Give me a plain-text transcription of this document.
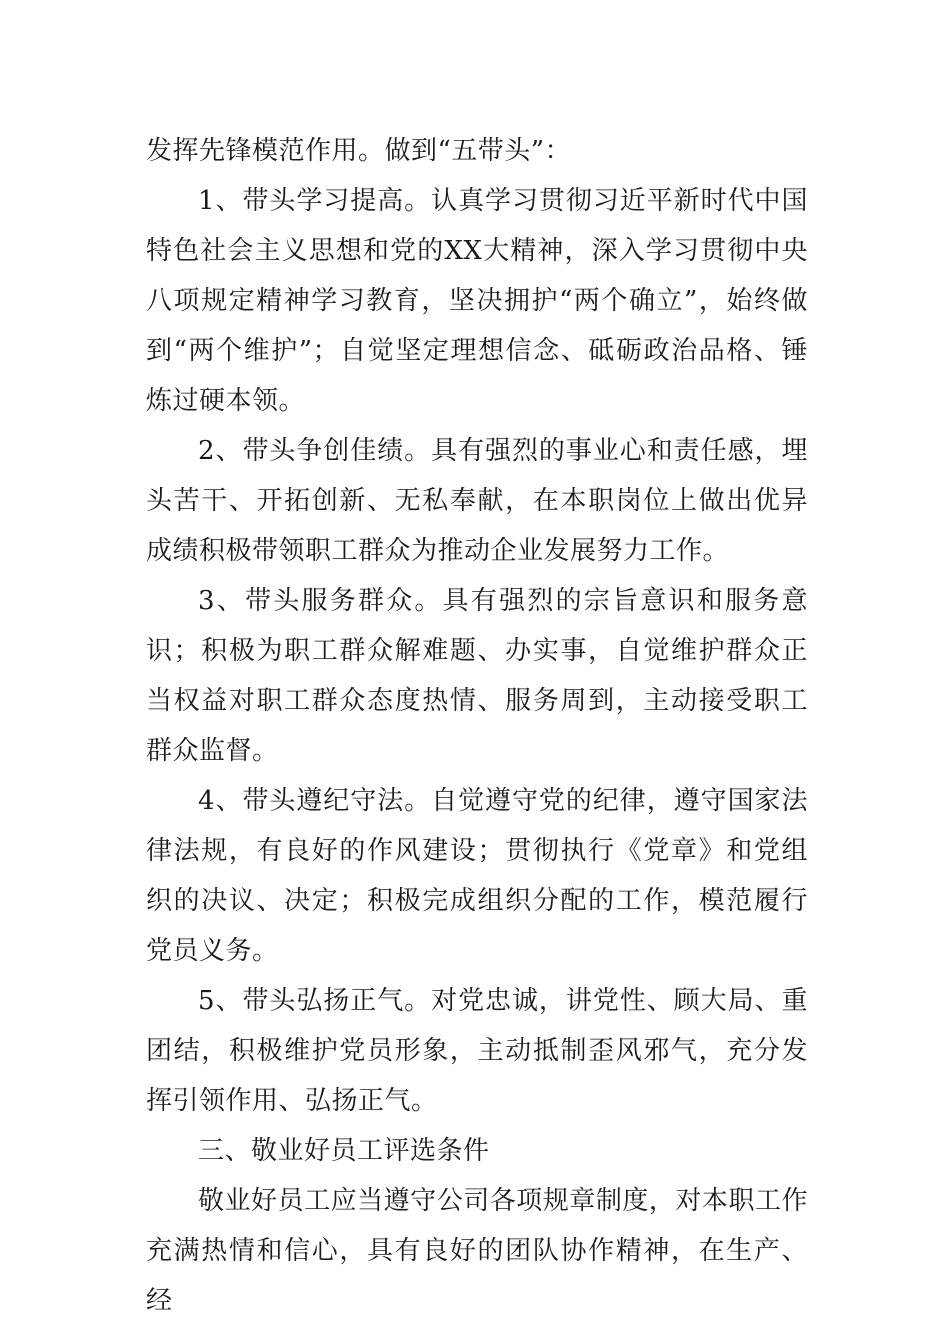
发挥先锋模范作用。做到“五带头”：

1、带头学习提高。认真学习贯彻习近平新时代中国特色社会主义思想和党的XX大精神，深入学习贯彻中央八项规定精神学习教育，坚决拥护“两个确立”，始终做到“两个维护”；自觉坚定理想信念、砥砺政治品格、锤炼过硬本领。

2、带头争创佳绩。具有强烈的事业心和责任感，埋头苦干、开拓创新、无私奉献，在本职岗位上做出优异成绩积极带领职工群众为推动企业发展努力工作。

3、带头服务群众。具有强烈的宗旨意识和服务意识；积极为职工群众解难题、办实事，自觉维护群众正当权益对职工群众态度热情、服务周到，主动接受职工群众监督。

4、带头遵纪守法。自觉遵守党的纪律，遵守国家法律法规，有良好的作风建设；贯彻执行《党章》和党组织的决议、决定；积极完成组织分配的工作，模范履行党员义务。

5、带头弘扬正气。对党忠诚，讲党性、顾大局、重团结，积极维护党员形象，主动抵制歪风邪气，充分发挥引领作用、弘扬正气。

三、敬业好员工评选条件

敬业好员工应当遵守公司各项规章制度，对本职工作充满热情和信心，具有良好的团队协作精神，在生产、经
